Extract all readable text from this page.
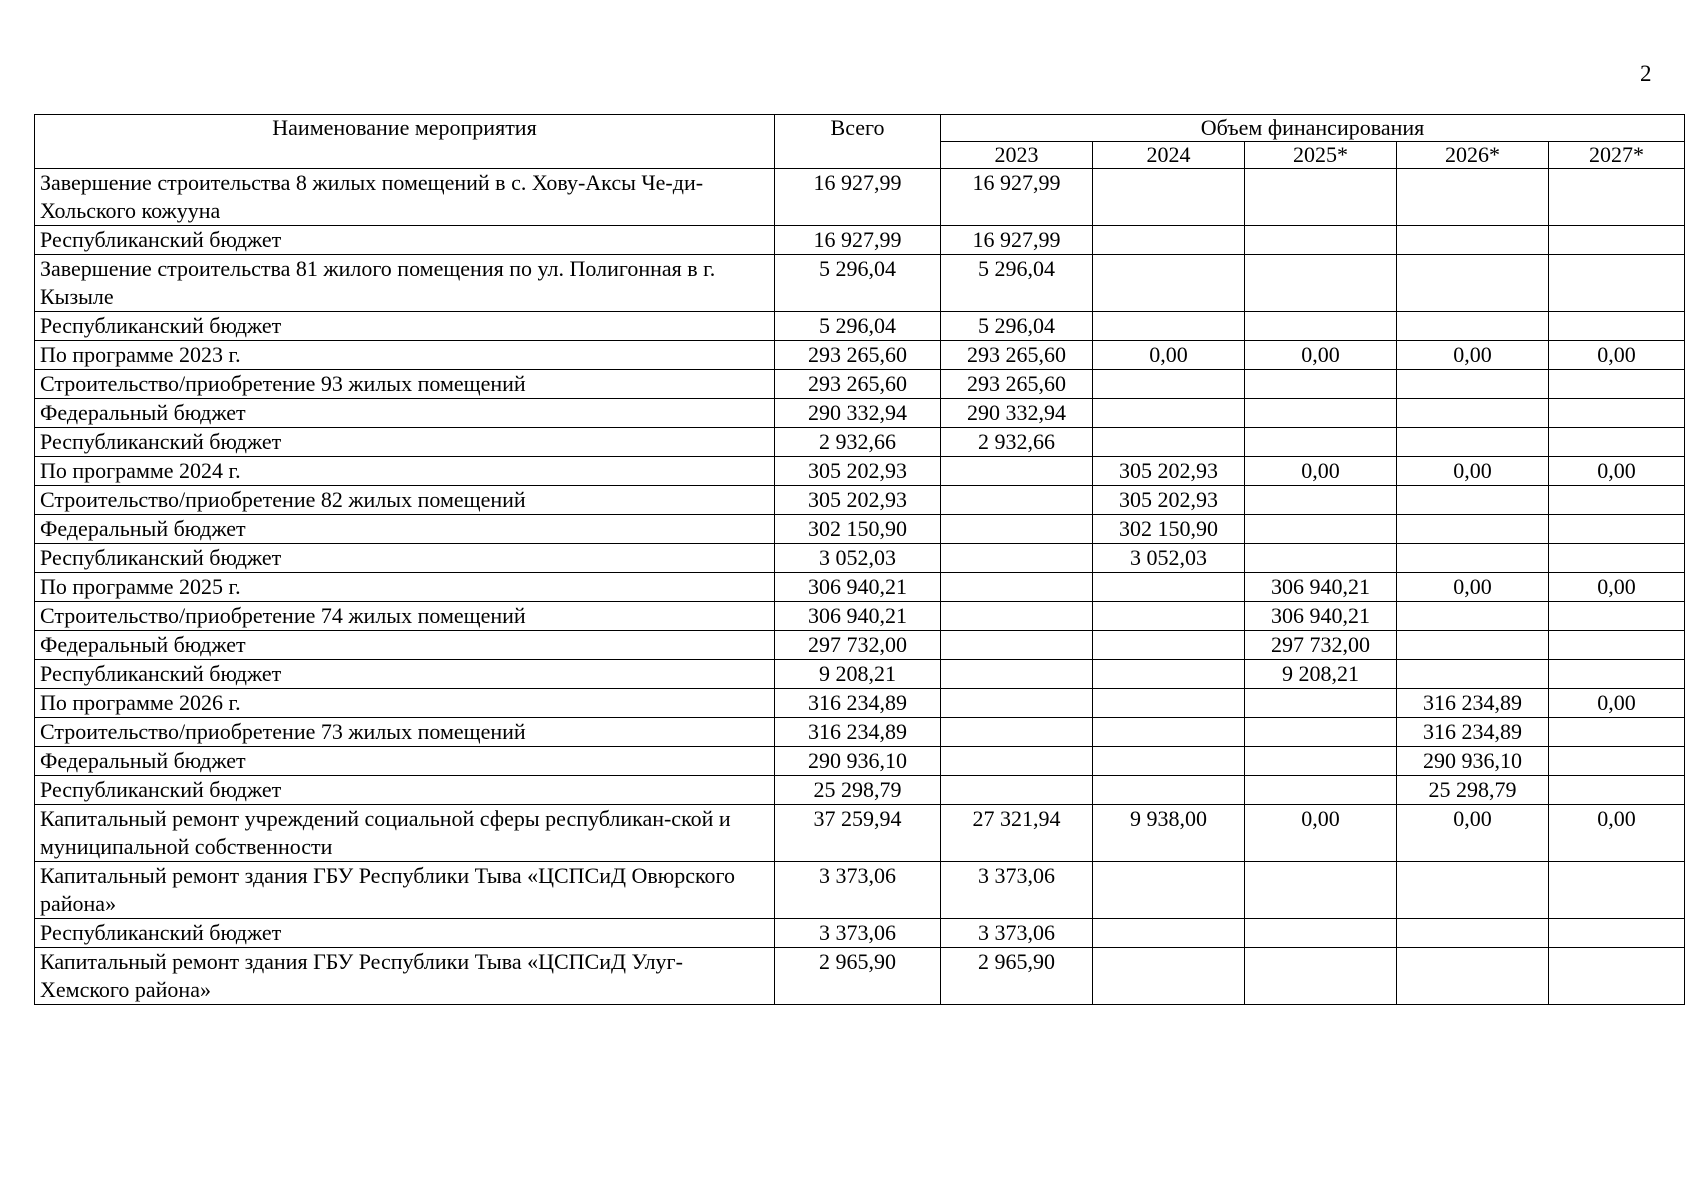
2
Наименование мероприятия	Всего	Объем финансирования				
		2023	2024	2025*	2026*	2027*
Завершение строительства 8 жилых помещений в с. Хову-Аксы Че-ди-Хольского кожууна	16 927,99	16 927,99				
Республиканский бюджет	16 927,99	16 927,99				
Завершение строительства 81 жилого помещения по ул. Полигонная в г. Кызыле	5 296,04	5 296,04				
Республиканский бюджет	5 296,04	5 296,04				
По программе 2023 г.	293 265,60	293 265,60	0,00	0,00	0,00	0,00
Строительство/приобретение 93 жилых помещений	293 265,60	293 265,60				
Федеральный бюджет	290 332,94	290 332,94				
Республиканский бюджет	2 932,66	2 932,66				
По программе 2024 г.	305 202,93		305 202,93	0,00	0,00	0,00
Строительство/приобретение 82 жилых помещений	305 202,93		305 202,93			
Федеральный бюджет	302 150,90		302 150,90			
Республиканский бюджет	3 052,03		3 052,03			
По программе 2025 г.	306 940,21			306 940,21	0,00	0,00
Строительство/приобретение 74 жилых помещений	306 940,21			306 940,21		
Федеральный бюджет	297 732,00			297 732,00		
Республиканский бюджет	9 208,21			9 208,21		
По программе 2026 г.	316 234,89				316 234,89	0,00
Строительство/приобретение 73 жилых помещений	316 234,89				316 234,89	
Федеральный бюджет	290 936,10				290 936,10	
Республиканский бюджет	25 298,79				25 298,79	
Капитальный ремонт учреждений социальной сферы республикан-ской и муниципальной собственности	37 259,94	27 321,94	9 938,00	0,00	0,00	0,00
Капитальный ремонт здания ГБУ Республики Тыва «ЦСПСиД Овюрского района»	3 373,06	3 373,06				
Республиканский бюджет	3 373,06	3 373,06				
Капитальный ремонт здания ГБУ Республики Тыва «ЦСПСиД Улуг-Хемского района»	2 965,90	2 965,90				
